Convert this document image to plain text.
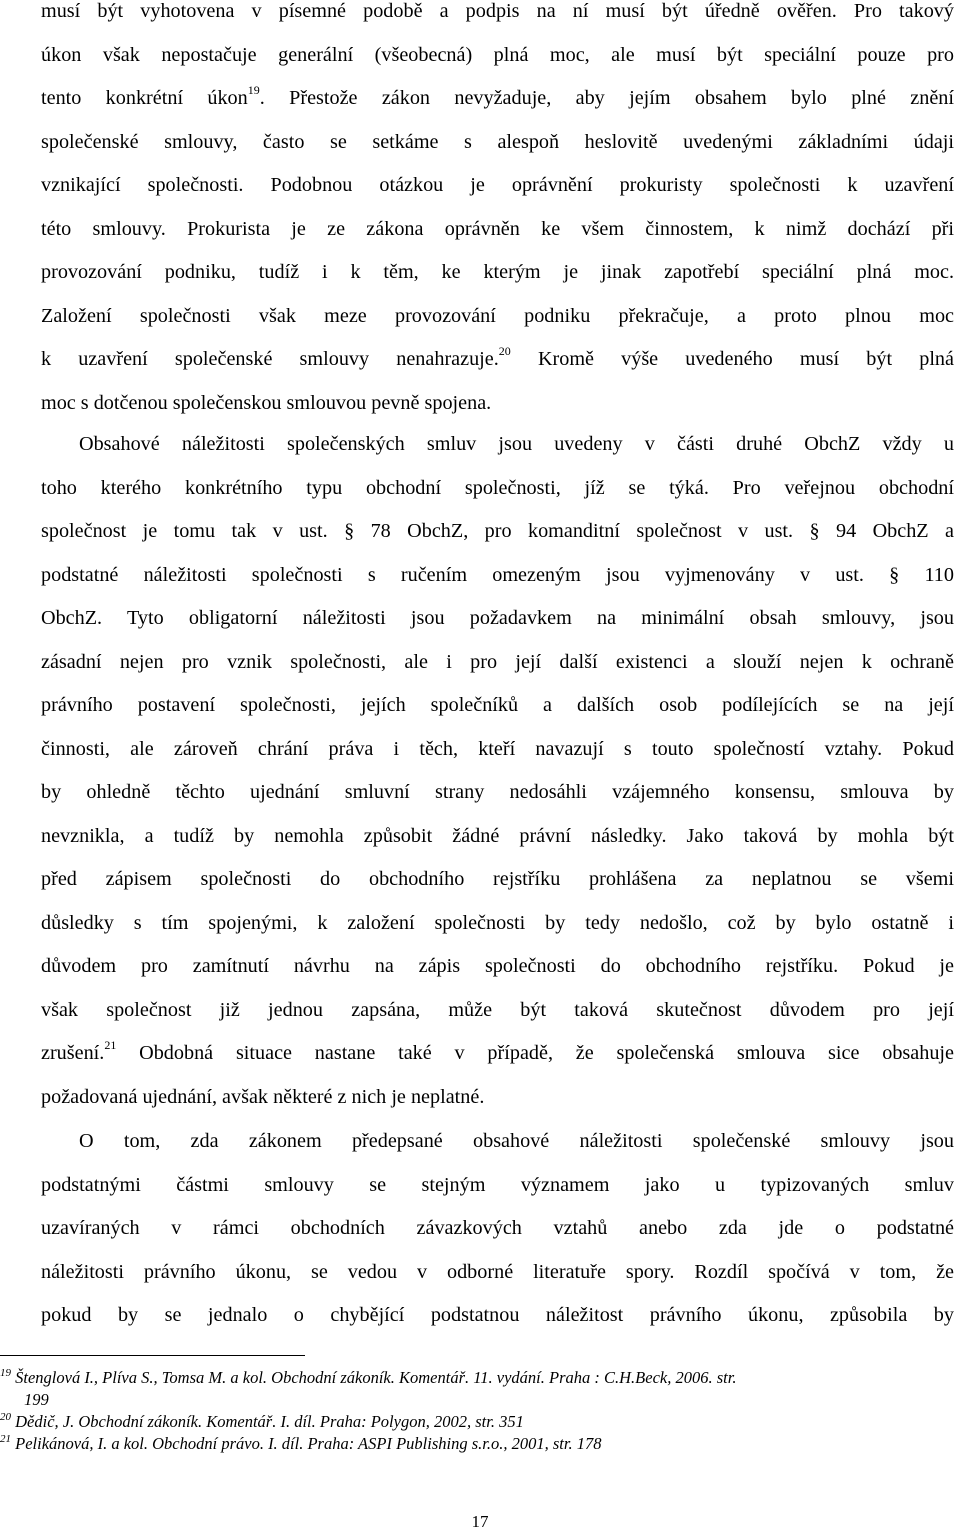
musí být vyhotovena v písemné podobě a podpis na ní musí být úředně ověřen. Pro takový
úkon však nepostačuje generální (všeobecná) plná moc, ale musí být speciální pouze pro
tento konkrétní úkon$^{19}$. Přestože zákon nevyžaduje, aby jejím obsahem bylo plné znění
společenské smlouvy, často se setkáme s alespoň heslovitě uvedenými základními údaji
vznikající společnosti. Podobnou otázkou je oprávnění prokuristy společnosti k uzavření
této smlouvy. Prokurista je ze zákona oprávněn ke všem činnostem, k nimž dochází při
provozování podniku, tudíž i k těm, ke kterým je jinak zapotřebí speciální plná moc.
Založení společnosti však meze provozování podniku překračuje, a proto plnou moc
k uzavření společenské smlouvy nenahrazuje.$^{20}$ Kromě výše uvedeného musí být plná
moc s dotčenou společenskou smlouvou pevně spojena.
Obsahové náležitosti společenských smluv jsou uvedeny v části druhé ObchZ vždy u
toho kterého konkrétního typu obchodní společnosti, jíž se týká. Pro veřejnou obchodní
společnost je tomu tak v ust. § 78 ObchZ, pro komanditní společnost v ust. § 94 ObchZ a
podstatné náležitosti společnosti s ručením omezeným jsou vyjmenovány v ust. § 110
ObchZ. Tyto obligatorní náležitosti jsou požadavkem na minimální obsah smlouvy, jsou
zásadní nejen pro vznik společnosti, ale i pro její další existenci a slouží nejen k ochraně
právního postavení společnosti, jejích společníků a dalších osob podílejících se na její
činnosti, ale zároveň chrání práva i těch, kteří navazují s touto společností vztahy. Pokud
by ohledně těchto ujednání smluvní strany nedosáhli vzájemného konsensu, smlouva by
nevznikla, a tudíž by nemohla způsobit žádné právní následky. Jako taková by mohla být
před zápisem společnosti do obchodního rejstříku prohlášena za neplatnou se všemi
důsledky s tím spojenými, k založení společnosti by tedy nedošlo, což by bylo ostatně i
důvodem pro zamítnutí návrhu na zápis společnosti do obchodního rejstříku. Pokud je
však společnost již jednou zapsána, může být taková skutečnost důvodem pro její
zrušení.$^{21}$ Obdobná situace nastane také v případě, že společenská smlouva sice obsahuje
požadovaná ujednání, avšak některé z nich je neplatné.
O tom, zda zákonem předepsané obsahové náležitosti společenské smlouvy jsou
podstatnými částmi smlouvy se stejným významem jako u typizovaných smluv
uzavíraných v rámci obchodních závazkových vztahů anebo zda jde o podstatné
náležitosti právního úkonu, se vedou v odborné literatuře spory. Rozdíl spočívá v tom, že
pokud by se jednalo o chybějící podstatnou náležitost právního úkonu, způsobila by
$^{19}$ Štenglová I., Plíva S., Tomsa M. a kol. Obchodní zákoník. Komentář. 11. vydání. Praha : C.H.Beck, 2006. str.
199
$^{20}$ Dědič, J. Obchodní zákoník. Komentář. I. díl. Praha: Polygon, 2002, str. 351
$^{21}$ Pelikánová, I. a kol. Obchodní právo. I. díl. Praha: ASPI Publishing s.r.o., 2001, str. 178
17
